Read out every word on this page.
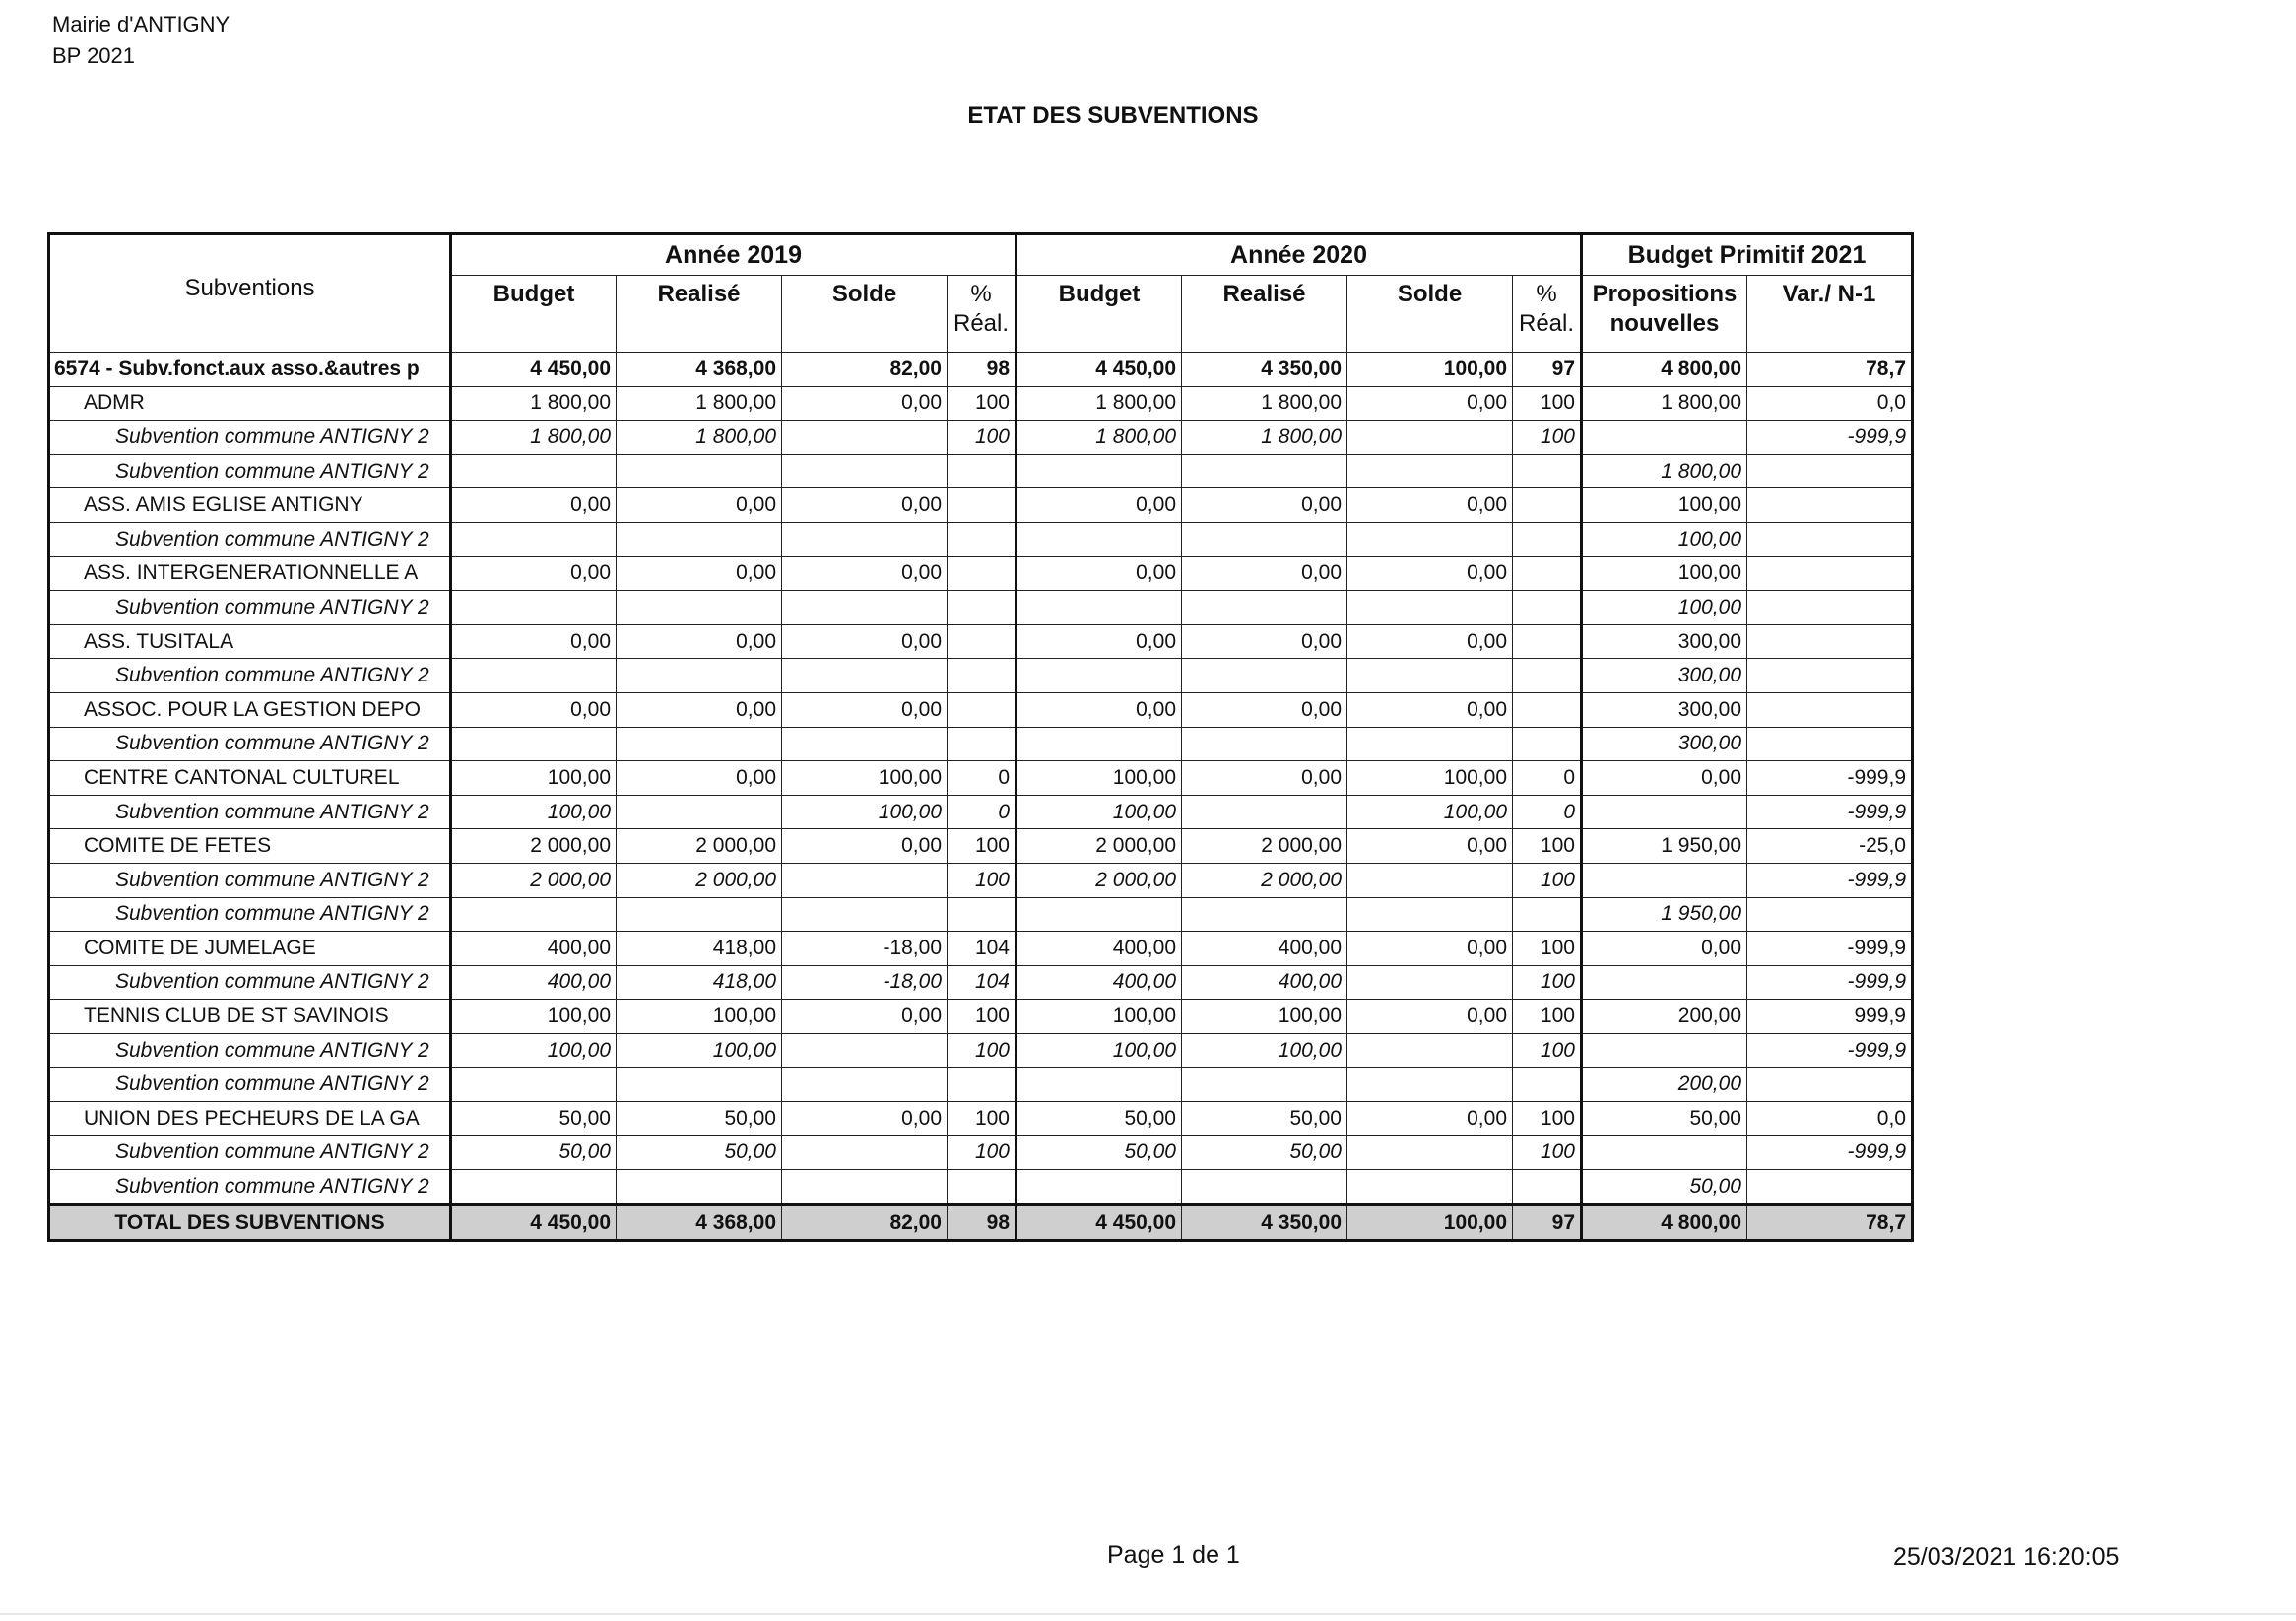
Mairie d'ANTIGNY
BP 2021
ETAT DES SUBVENTIONS
Subventions	Année 2019				Année 2020				Budget Primitif 2021	
	Budget	Realisé	Solde	% Réal.	Budget	Realisé	Solde	% Réal.	Propositions nouvelles	Var./ N-1
6574 - Subv.fonct.aux asso.&autres p	4 450,00	4 368,00	82,00	98	4 450,00	4 350,00	100,00	97	4 800,00	78,7
ADMR	1 800,00	1 800,00	0,00	100	1 800,00	1 800,00	0,00	100	1 800,00	0,0
Subvention commune ANTIGNY 2	1 800,00	1 800,00		100	1 800,00	1 800,00		100		-999,9
Subvention commune ANTIGNY 2									1 800,00	
ASS. AMIS EGLISE ANTIGNY	0,00	0,00	0,00		0,00	0,00	0,00		100,00	
Subvention commune ANTIGNY 2									100,00	
ASS. INTERGENERATIONNELLE A	0,00	0,00	0,00		0,00	0,00	0,00		100,00	
Subvention commune ANTIGNY 2									100,00	
ASS. TUSITALA	0,00	0,00	0,00		0,00	0,00	0,00		300,00	
Subvention commune ANTIGNY 2									300,00	
ASSOC. POUR LA GESTION DEPO	0,00	0,00	0,00		0,00	0,00	0,00		300,00	
Subvention commune ANTIGNY 2									300,00	
CENTRE CANTONAL CULTUREL	100,00	0,00	100,00	0	100,00	0,00	100,00	0	0,00	-999,9
Subvention commune ANTIGNY 2	100,00		100,00	0	100,00		100,00	0		-999,9
COMITE DE FETES	2 000,00	2 000,00	0,00	100	2 000,00	2 000,00	0,00	100	1 950,00	-25,0
Subvention commune ANTIGNY 2	2 000,00	2 000,00		100	2 000,00	2 000,00		100		-999,9
Subvention commune ANTIGNY 2									1 950,00	
COMITE DE JUMELAGE	400,00	418,00	-18,00	104	400,00	400,00	0,00	100	0,00	-999,9
Subvention commune ANTIGNY 2	400,00	418,00	-18,00	104	400,00	400,00		100		-999,9
TENNIS CLUB DE ST SAVINOIS	100,00	100,00	0,00	100	100,00	100,00	0,00	100	200,00	999,9
Subvention commune ANTIGNY 2	100,00	100,00		100	100,00	100,00		100		-999,9
Subvention commune ANTIGNY 2									200,00	
UNION DES PECHEURS DE LA GA	50,00	50,00	0,00	100	50,00	50,00	0,00	100	50,00	0,0
Subvention commune ANTIGNY 2	50,00	50,00		100	50,00	50,00		100		-999,9
Subvention commune ANTIGNY 2									50,00	
TOTAL DES SUBVENTIONS	4 450,00	4 368,00	82,00	98	4 450,00	4 350,00	100,00	97	4 800,00	78,7
Page 1 de 1	25/03/2021 16:20:05
